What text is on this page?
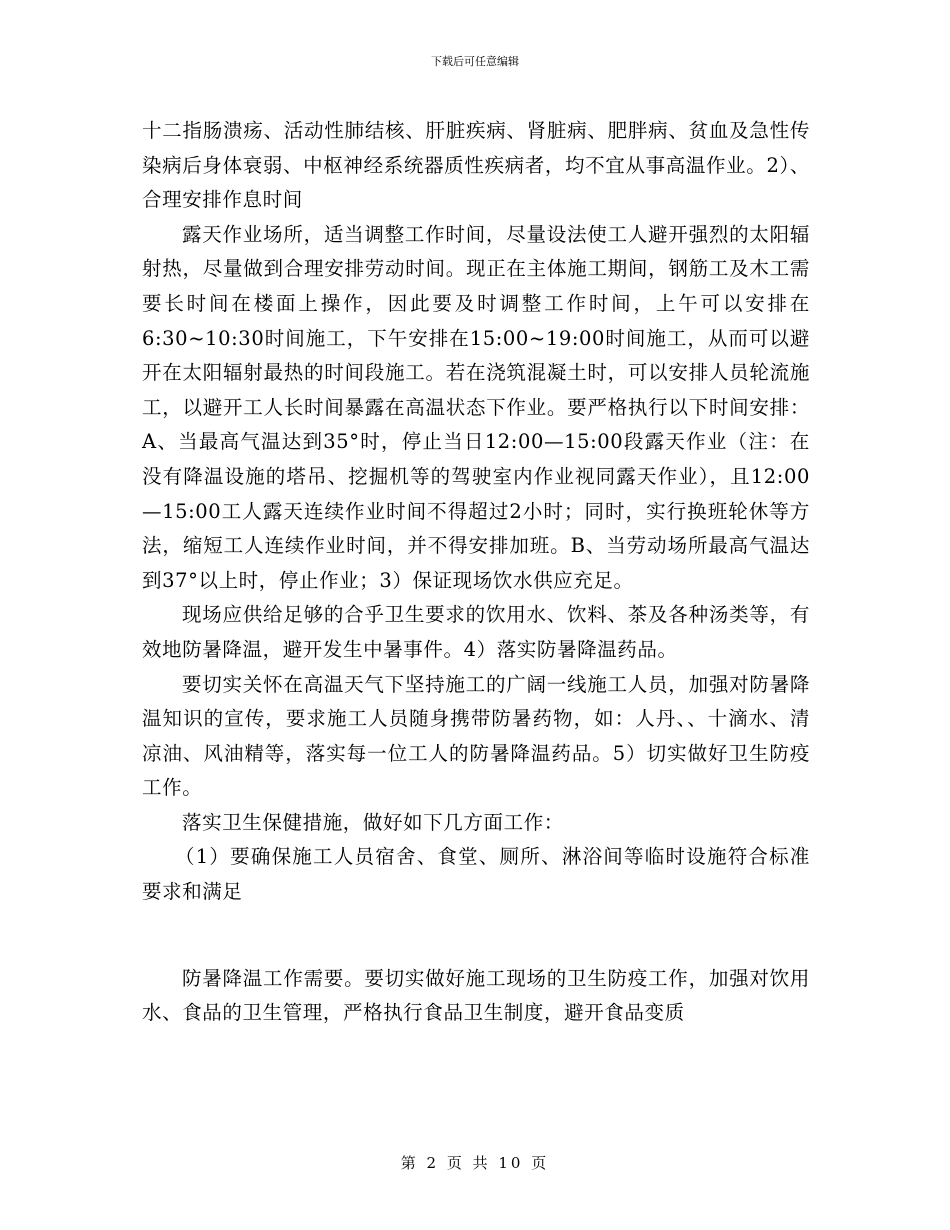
下载后可任意编辑

十二指肠溃疡、活动性肺结核、肝脏疾病、肾脏病、肥胖病、贫血及急性传染病后身体衰弱、中枢神经系统器质性疾病者，均不宜从事高温作业。2）、合理安排作息时间

露天作业场所，适当调整工作时间，尽量设法使工人避开强烈的太阳辐射热，尽量做到合理安排劳动时间。现正在主体施工期间，钢筋工及木工需要长时间在楼面上操作，因此要及时调整工作时间，上午可以安排在6:30~10:30时间施工，下午安排在15:00~19:00时间施工，从而可以避开在太阳辐射最热的时间段施工。若在浇筑混凝土时，可以安排人员轮流施工，以避开工人长时间暴露在高温状态下作业。要严格执行以下时间安排：A、当最高气温达到35°时，停止当日12:00—15:00段露天作业（注：在没有降温设施的塔吊、挖掘机等的驾驶室内作业视同露天作业），且12:00—15:00工人露天连续作业时间不得超过2小时；同时，实行换班轮休等方法，缩短工人连续作业时间，并不得安排加班。B、当劳动场所最高气温达到37°以上时，停止作业；3）保证现场饮水供应充足。

现场应供给足够的合乎卫生要求的饮用水、饮料、茶及各种汤类等，有效地防暑降温，避开发生中暑事件。4）落实防暑降温药品。

要切实关怀在高温天气下坚持施工的广阔一线施工人员，加强对防暑降温知识的宣传，要求施工人员随身携带防暑药物，如：人丹、、十滴水、清凉油、风油精等，落实每一位工人的防暑降温药品。5）切实做好卫生防疫工作。

落实卫生保健措施，做好如下几方面工作：

（1）要确保施工人员宿舍、食堂、厕所、淋浴间等临时设施符合标准要求和满足

防暑降温工作需要。要切实做好施工现场的卫生防疫工作，加强对饮用水、食品的卫生管理，严格执行食品卫生制度，避开食品变质

第 2 页 共 10 页
